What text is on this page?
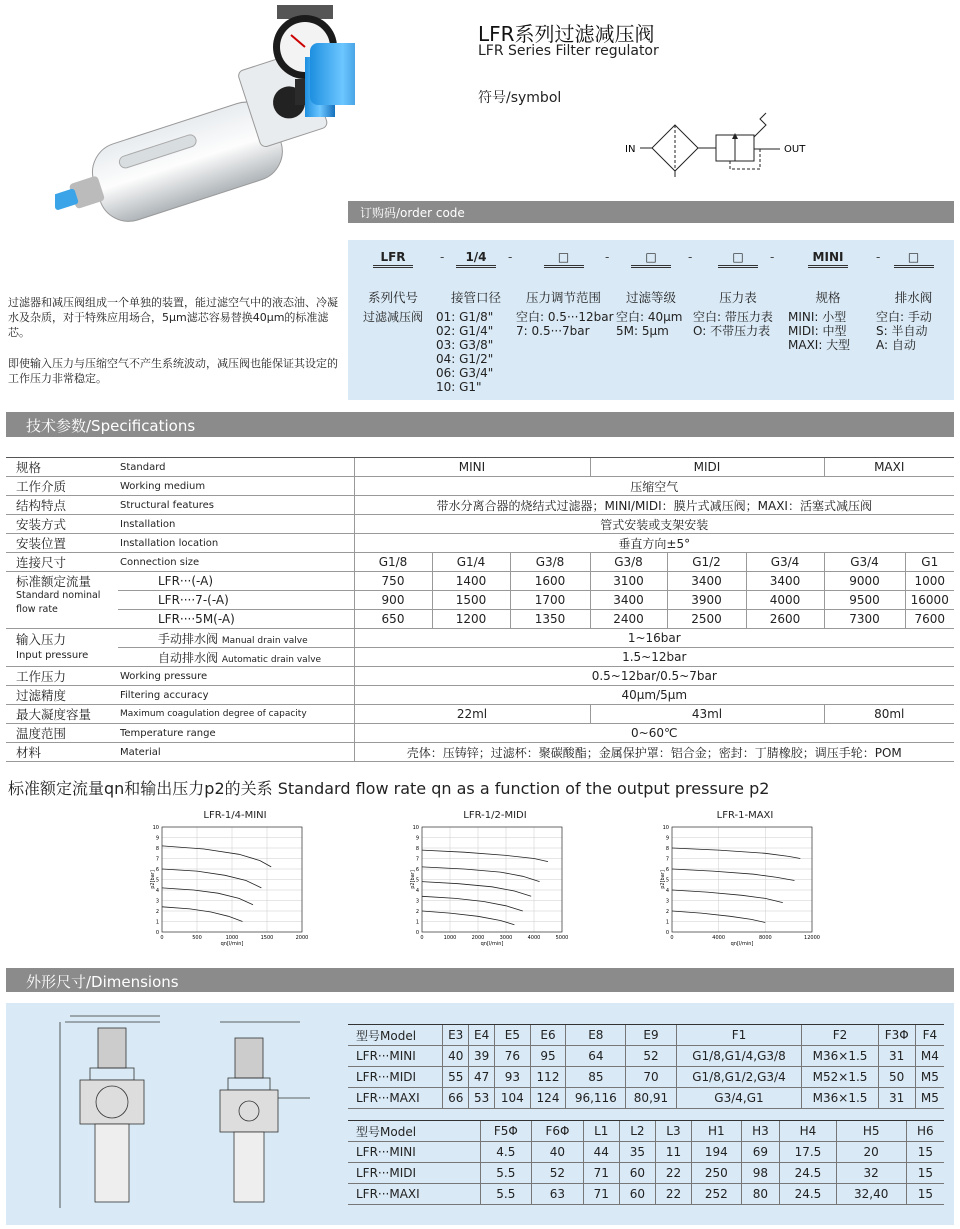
LFR系列过滤减压阀
LFR Series Filter regulator
符号/symbol
IN	OUT
订购码/order code
LFR
系列代号
过滤减压阀
-	1/4
接管口径
01: G1/8"
02: G1/4"
03: G3/8"
04: G1/2"
06: G3/4"
10: G1"
-	□
压力调节范围
空白: 0.5···12bar
7: 0.5···7bar
-	□
过滤等级
空白: 40μm
5M: 5μm
-	□
压力表
空白: 带压力表
O: 不带压力表
-	MINI
规格
MINI: 小型
MIDI: 中型
MAXI: 大型
-	□
排水阀
空白: 手动
S: 半自动
A: 自动
过滤器和减压阀组成一个单独的装置，能过滤空气中的液态油、冷凝水及杂质，对于特殊应用场合，5μm滤芯容易替换40μm的标准滤芯。
即使输入压力与压缩空气不产生系统波动，减压阀也能保证其设定的工作压力非常稳定。
技术参数/Specifications
规格	Standard	MINI			MIDI			MAXI	
工作介质	Working medium	压缩空气							
结构特点	Structural features	带水分离合器的烧结式过滤器；MINI/MIDI：膜片式减压阀；MAXI：活塞式减压阀							
安装方式	Installation	管式安装或支架安装							
安装位置	Installation location	垂直方向±5°							
连接尺寸	Connection size	G1/8	G1/4	G3/8	G3/8	G1/2	G3/4	G3/4	G1
标准额定流量

Standard nominal flow rate	LFR···(-A)	750	1400	1600	3100	3400	3400	9000	1000
	LFR····7-(-A)	900	1500	1700	3400	3900	4000	9500	16000
	LFR····5M(-A)	650	1200	1350	2400	2500	2600	7300	7600
输入压力
Input pressure	手动排水阀 Manual drain valve	1~16bar							
	自动排水阀 Automatic drain valve	1.5~12bar							
工作压力	Working pressure	0.5~12bar/0.5~7bar							
过滤精度	Filtering accuracy	40μm/5μm							
最大凝度容量	Maximum coagulation degree of capacity	22ml			43ml			80ml	
温度范围	Temperature range	0~60℃							
材料	Material	壳体：压铸锌；过滤杯：聚碳酸酯；金属保护罩：铝合金；密封：丁腈橡胶；调压手轮：POM							
标准额定流量qn和输出压力p2的关系 Standard flow rate qn as a function of the output pressure p2
LFR-1/4-MINI
0
1
2
3
4
5
6
7
8
9
10
0	500	1000	1500	2000
qn[l/min]
p2[bar]
LFR-1/2-MIDI
0
1
2
3
4
5
6
7
8
9
10
0	1000	2000	3000	4000	5000
qn[l/min]
p2[bar]
LFR-1-MAXI
0
1
2
3
4
5
6
7
8
9
10
0	4000	8000	12000
qn[l/min]
p2[bar]
外形尺寸/Dimensions
型号Model	E3	E4	E5	E6	E8	E9	F1	F2	F3Φ	F4
LFR···MINI	40	39	76	95	64	52	G1/8,G1/4,G3/8	M36×1.5	31	M4
LFR···MIDI	55	47	93	112	85	70	G1/8,G1/2,G3/4	M52×1.5	50	M5
LFR···MAXI	66	53	104	124	96,116	80,91	G3/4,G1	M36×1.5	31	M5
型号Model	F5Φ	F6Φ	L1	L2	L3	H1	H3	H4	H5	H6
LFR···MINI	4.5	40	44	35	11	194	69	17.5	20	15
LFR···MIDI	5.5	52	71	60	22	250	98	24.5	32	15
LFR···MAXI	5.5	63	71	60	22	252	80	24.5	32,40	15
